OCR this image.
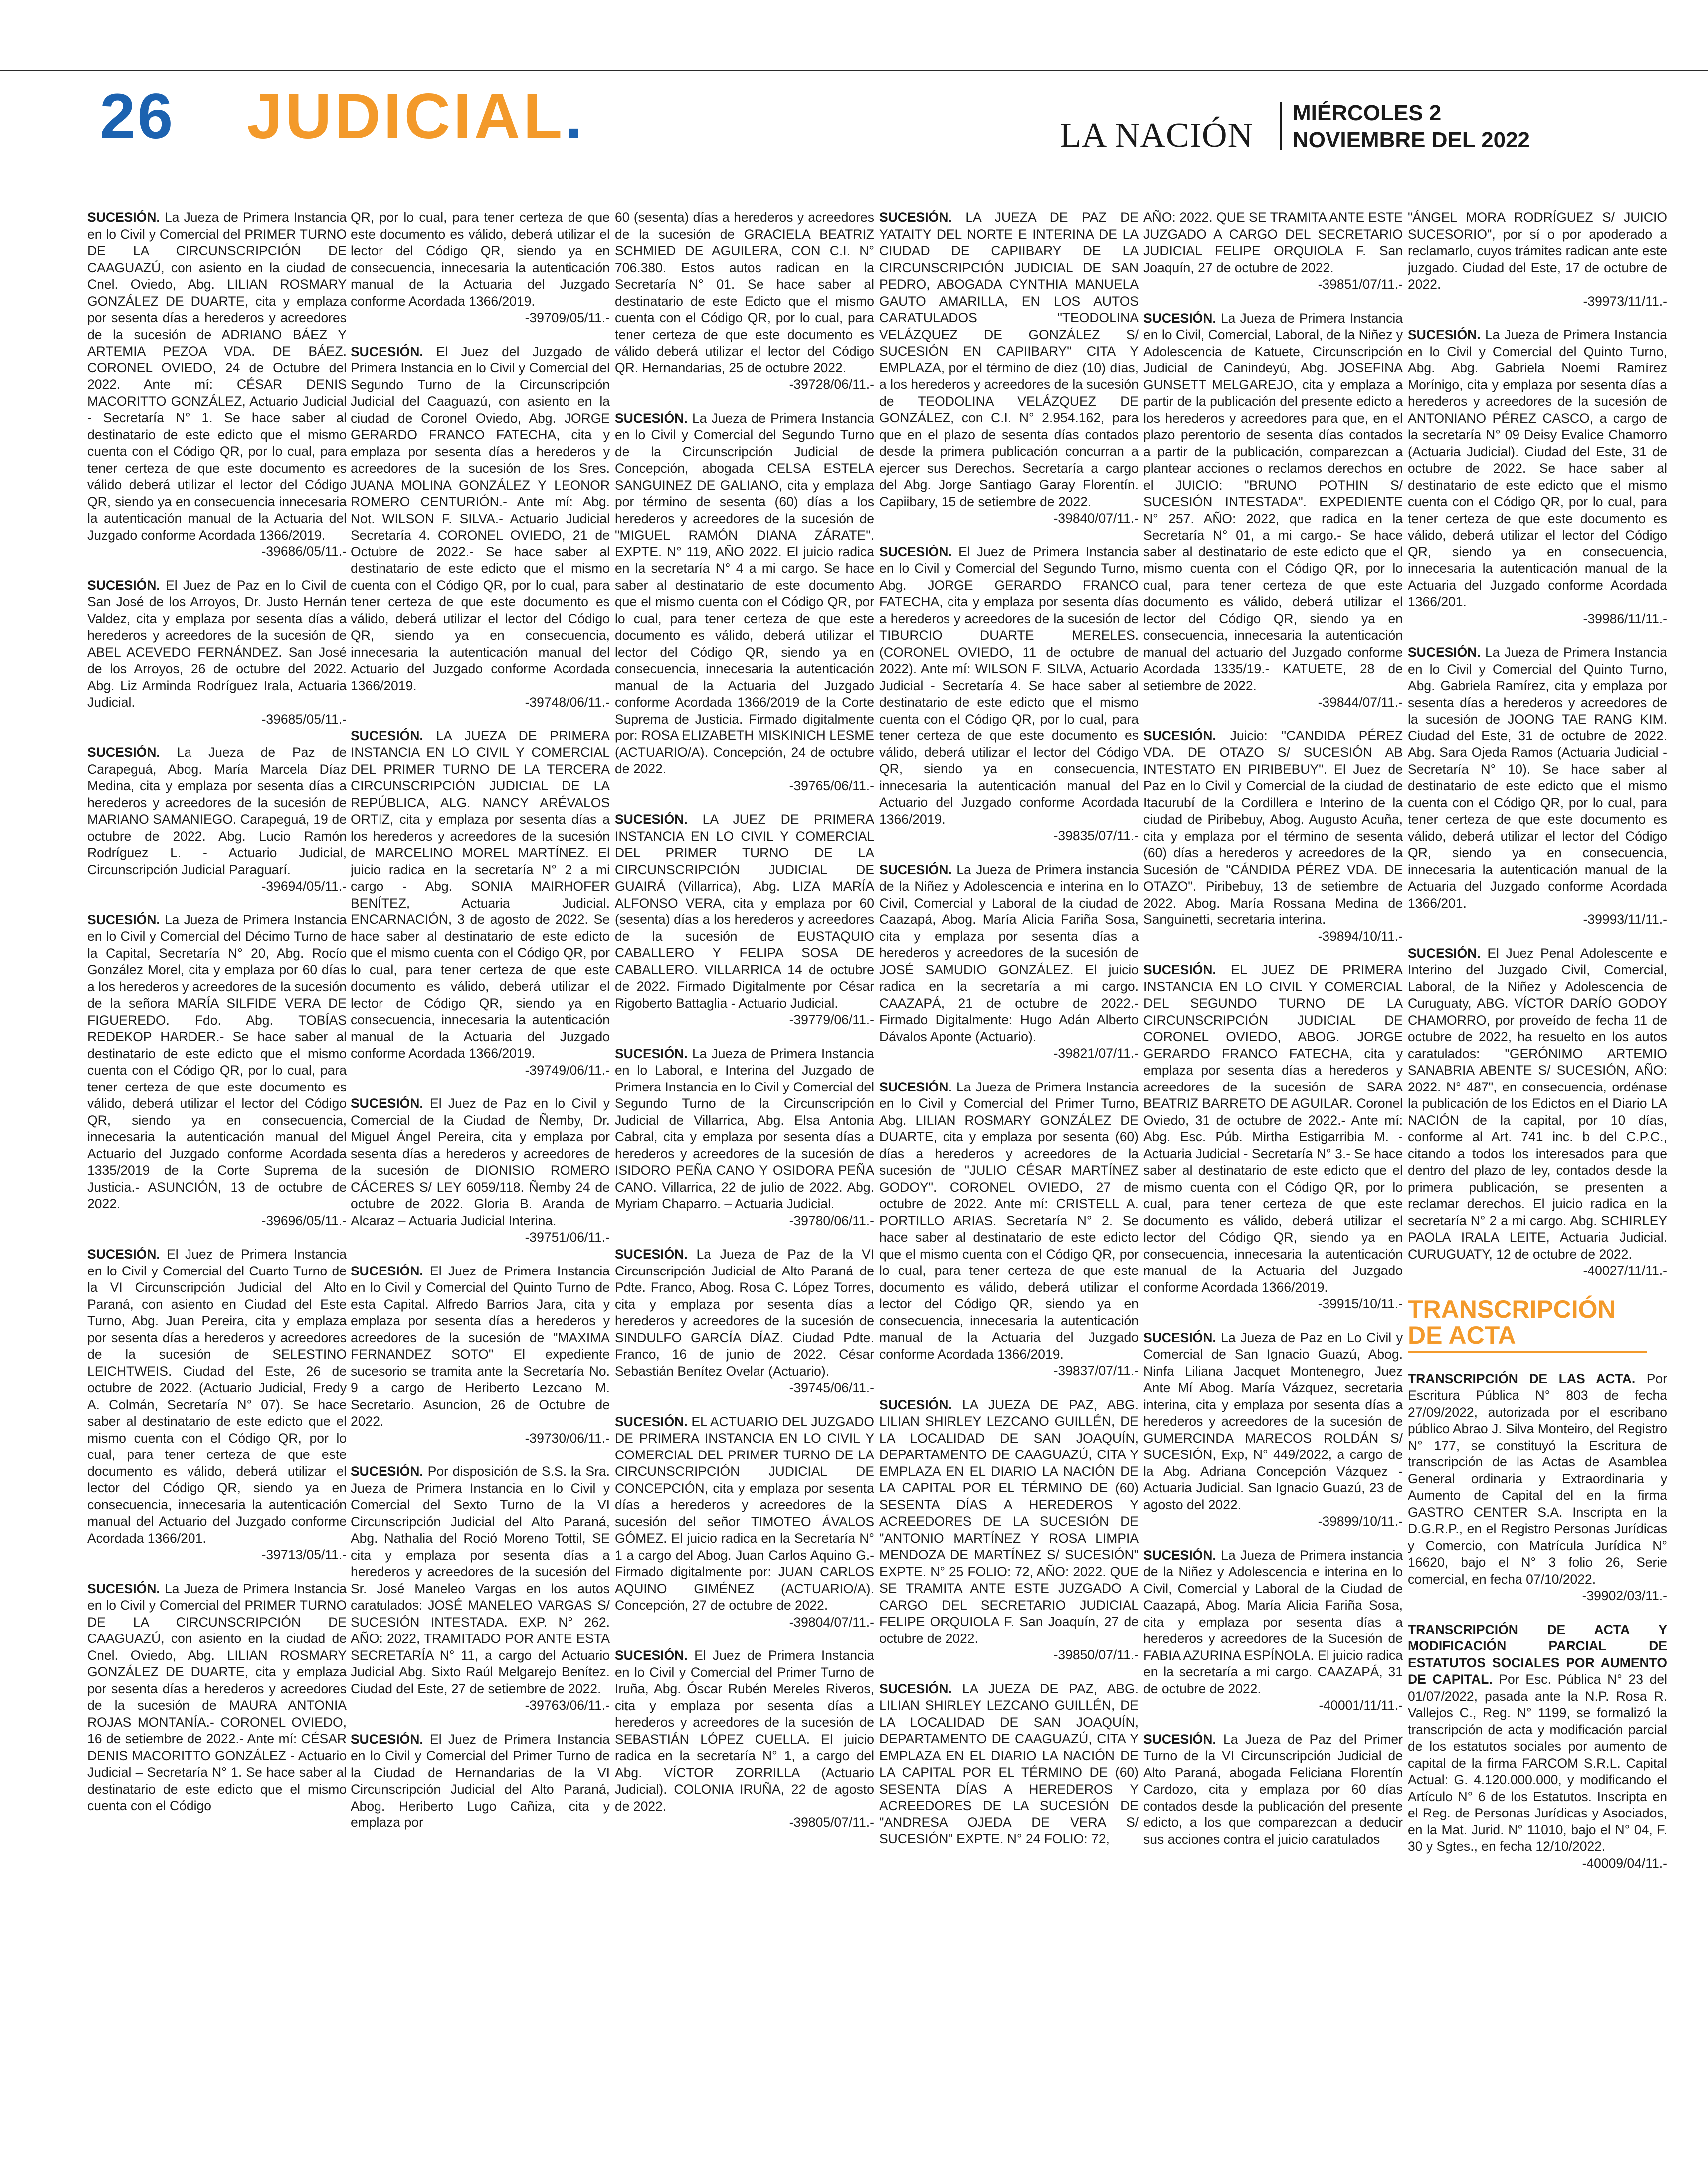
26 JUDICIAL.	LA NACIÓN
MIÉRCOLES 2
NOVIEMBRE DEL 2022

SUCESIÓN. La Jueza de Primera Instancia en lo Civil y Comercial del PRIMER TURNO DE LA CIRCUNSCRIPCIÓN DE CAAGUAZÚ, con asiento en la ciudad de Cnel. Oviedo, Abg. LILIAN ROSMARY GONZÁLEZ DE DUARTE, cita y emplaza por sesenta días a herederos y acreedores de la sucesión de ADRIANO BÁEZ Y ARTEMIA PEZOA VDA. DE BÁEZ. CORONEL OVIEDO, 24 de Octubre del 2022. Ante mí: CÉSAR DENIS MACORITTO GONZÁLEZ, Actuario Judicial - Secretaría N° 1. Se hace saber al destinatario de este edicto que el mismo cuenta con el Código QR, por lo cual, para tener certeza de que este documento es válido deberá utilizar el lector del Código QR, siendo ya en consecuencia innecesaria la autenticación manual de la Actuaria del Juzgado conforme Acordada 1366/2019.
-39686/05/11.-

SUCESIÓN. El Juez de Paz en lo Civil de San José de los Arroyos, Dr. Justo Hernán Valdez, cita y emplaza por sesenta días a herederos y acreedores de la sucesión de ABEL ACEVEDO FERNÁNDEZ. San José de los Arroyos, 26 de octubre del 2022. Abg. Liz Arminda Rodríguez Irala, Actuaria Judicial.
-39685/05/11.-

SUCESIÓN. La Jueza de Paz de Carapeguá, Abog. María Marcela Díaz Medina, cita y emplaza por sesenta días a herederos y acreedores de la sucesión de MARIANO SAMANIEGO. Carapeguá, 19 de octubre de 2022. Abg. Lucio Ramón Rodríguez L. - Actuario Judicial, Circunscripción Judicial Paraguarí.
-39694/05/11.-

SUCESIÓN. La Jueza de Primera Instancia en lo Civil y Comercial del Décimo Turno de la Capital, Secretaría N° 20, Abg. Rocío González Morel, cita y emplaza por 60 días a los herederos y acreedores de la sucesión de la señora MARÍA SILFIDE VERA DE FIGUEREDO. Fdo. Abg. TOBÍAS REDEKOP HARDER.- Se hace saber al destinatario de este edicto que el mismo cuenta con el Código QR, por lo cual, para tener certeza de que este documento es válido, deberá utilizar el lector del Código QR, siendo ya en consecuencia, innecesaria la autenticación manual del Actuario del Juzgado conforme Acordada 1335/2019 de la Corte Suprema de Justicia.- ASUNCIÓN, 13 de octubre de 2022.
-39696/05/11.-

SUCESIÓN. El Juez de Primera Instancia en lo Civil y Comercial del Cuarto Turno de la VI Circunscripción Judicial del Alto Paraná, con asiento en Ciudad del Este Turno, Abg. Juan Pereira, cita y emplaza por sesenta días a herederos y acreedores de la sucesión de SELESTINO LEICHTWEIS. Ciudad del Este, 26 de octubre de 2022. (Actuario Judicial, Fredy A. Colmán, Secretaría N° 07). Se hace saber al destinatario de este edicto que el mismo cuenta con el Código QR, por lo cual, para tener certeza de que este documento es válido, deberá utilizar el lector del Código QR, siendo ya en consecuencia, innecesaria la autenticación manual del Actuario del Juzgado conforme Acordada 1366/201.
-39713/05/11.-

SUCESIÓN. La Jueza de Primera Instancia en lo Civil y Comercial del PRIMER TURNO DE LA CIRCUNSCRIPCIÓN DE CAAGUAZÚ, con asiento en la ciudad de Cnel. Oviedo, Abg. LILIAN ROSMARY GONZÁLEZ DE DUARTE, cita y emplaza por sesenta días a herederos y acreedores de la sucesión de MAURA ANTONIA ROJAS MONTANÍA.- CORONEL OVIEDO, 16 de setiembre de 2022.- Ante mí: CÉSAR DENIS MACORITTO GONZÁLEZ - Actuario Judicial – Secretaría N° 1. Se hace saber al destinatario de este edicto que el mismo cuenta con el Código

QR, por lo cual, para tener certeza de que este documento es válido, deberá utilizar el lector del Código QR, siendo ya en consecuencia, innecesaria la autenticación manual de la Actuaria del Juzgado conforme Acordada 1366/2019.
-39709/05/11.-

SUCESIÓN. El Juez del Juzgado de Primera Instancia en lo Civil y Comercial del Segundo Turno de la Circunscripción Judicial del Caaguazú, con asiento en la ciudad de Coronel Oviedo, Abg. JORGE GERARDO FRANCO FATECHA, cita y emplaza por sesenta días a herederos y acreedores de la sucesión de los Sres. JUANA MOLINA GONZÁLEZ Y LEONOR ROMERO CENTURIÓN.- Ante mí: Abg. Not. WILSON F. SILVA.- Actuario Judicial Secretaría 4. CORONEL OVIEDO, 21 de Octubre de 2022.- Se hace saber al destinatario de este edicto que el mismo cuenta con el Código QR, por lo cual, para tener certeza de que este documento es válido, deberá utilizar el lector del Código QR, siendo ya en consecuencia, innecesaria la autenticación manual del Actuario del Juzgado conforme Acordada 1366/2019.
-39748/06/11.-

SUCESIÓN. LA JUEZA DE PRIMERA INSTANCIA EN LO CIVIL Y COMERCIAL DEL PRIMER TURNO DE LA TERCERA CIRCUNSCRIPCIÓN JUDICIAL DE LA REPÚBLICA, ALG. NANCY ARÉVALOS ORTIZ, cita y emplaza por sesenta días a los herederos y acreedores de la sucesión de MARCELINO MOREL MARTÍNEZ. El juicio radica en la secretaría N° 2 a mi cargo - Abg. SONIA MAIRHOFER BENÍTEZ, Actuaria Judicial. ENCARNACIÓN, 3 de agosto de 2022. Se hace saber al destinatario de este edicto que el mismo cuenta con el Código QR, por lo cual, para tener certeza de que este documento es válido, deberá utilizar el lector de Código QR, siendo ya en consecuencia, innecesaria la autenticación manual de la Actuaria del Juzgado conforme Acordada 1366/2019.
-39749/06/11.-

SUCESIÓN. El Juez de Paz en lo Civil y Comercial de la Ciudad de Ñemby, Dr. Miguel Ángel Pereira, cita y emplaza por sesenta días a herederos y acreedores de la sucesión de DIONISIO ROMERO CÁCERES S/ LEY 6059/118. Ñemby 24 de octubre de 2022. Gloria B. Aranda de Alcaraz – Actuaria Judicial Interina.
-39751/06/11.-

SUCESIÓN. El Juez de Primera Instancia en lo Civil y Comercial del Quinto Turno de esta Capital. Alfredo Barrios Jara, cita y emplaza por sesenta días a herederos y acreedores de la sucesión de "MAXIMA FERNANDEZ SOTO" El expediente sucesorio se tramita ante la Secretaría No. 9 a cargo de Heriberto Lezcano M. Secretario. Asuncion, 26 de Octubre de 2022.
-39730/06/11.-

SUCESIÓN. Por disposición de S.S. la Sra. Jueza de Primera Instancia en lo Civil y Comercial del Sexto Turno de la VI Circunscripción Judicial del Alto Paraná, Abg. Nathalia del Roció Moreno Tottil, SE cita y emplaza por sesenta días a herederos y acreedores de la sucesión del Sr. José Maneleo Vargas en los autos caratulados: JOSÉ MANELEO VARGAS S/ SUCESIÓN INTESTADA. EXP. N° 262. AÑO: 2022, TRAMITADO POR ANTE ESTA SECRETARÍA N° 11, a cargo del Actuario Judicial Abg. Sixto Raúl Melgarejo Benítez. Ciudad del Este, 27 de setiembre de 2022.
-39763/06/11.-

SUCESIÓN. El Juez de Primera Instancia en lo Civil y Comercial del Primer Turno de la Ciudad de Hernandarias de la VI Circunscripción Judicial del Alto Paraná, Abog. Heriberto Lugo Cañiza, cita y emplaza por

60 (sesenta) días a herederos y acreedores de la sucesión de GRACIELA BEATRIZ SCHMIED DE AGUILERA, CON C.I. N° 706.380. Estos autos radican en la Secretaría N° 01. Se hace saber al destinatario de este Edicto que el mismo cuenta con el Código QR, por lo cual, para tener certeza de que este documento es válido deberá utilizar el lector del Código QR. Hernandarias, 25 de octubre 2022.
-39728/06/11.-

SUCESIÓN. La Jueza de Primera Instancia en lo Civil y Comercial del Segundo Turno de la Circunscripción Judicial de Concepción, abogada CELSA ESTELA SANGUINEZ DE GALIANO, cita y emplaza por término de sesenta (60) días a los herederos y acreedores de la sucesión de "MIGUEL RAMÓN DIANA ZÁRATE". EXPTE. N° 119, AÑO 2022. El juicio radica en la secretaría N° 4 a mi cargo. Se hace saber al destinatario de este documento que el mismo cuenta con el Código QR, por lo cual, para tener certeza de que este documento es válido, deberá utilizar el lector del Código QR, siendo ya en consecuencia, innecesaria la autenticación manual de la Actuaria del Juzgado conforme Acordada 1366/2019 de la Corte Suprema de Justicia. Firmado digitalmente por: ROSA ELIZABETH MISKINICH LESME (ACTUARIO/A). Concepción, 24 de octubre de 2022.
-39765/06/11.-

SUCESIÓN. LA JUEZ DE PRIMERA INSTANCIA EN LO CIVIL Y COMERCIAL DEL PRIMER TURNO DE LA CIRCUNSCRIPCIÓN JUDICIAL DE GUAIRÁ (Villarrica), Abg. LIZA MARÍA ALFONSO VERA, cita y emplaza por 60 (sesenta) días a los herederos y acreedores de la sucesión de EUSTAQUIO CABALLERO Y FELIPA SOSA DE CABALLERO. VILLARRICA 14 de octubre de 2022. Firmado Digitalmente por César Rigoberto Battaglia - Actuario Judicial.
-39779/06/11.-

SUCESIÓN. La Jueza de Primera Instancia en lo Laboral, e Interina del Juzgado de Primera Instancia en lo Civil y Comercial del Segundo Turno de la Circunscripción Judicial de Villarrica, Abg. Elsa Antonia Cabral, cita y emplaza por sesenta días a herederos y acreedores de la sucesión de ISIDORO PEÑA CANO Y OSIDORA PEÑA CANO. Villarrica, 22 de julio de 2022. Abg. Myriam Chaparro. – Actuaria Judicial.
-39780/06/11.-

SUCESIÓN. La Jueza de Paz de la VI Circunscripción Judicial de Alto Paraná de Pdte. Franco, Abog. Rosa C. López Torres, cita y emplaza por sesenta días a herederos y acreedores de la sucesión de SINDULFO GARCÍA DÍAZ. Ciudad Pdte. Franco, 16 de junio de 2022. César Sebastián Benítez Ovelar (Actuario).
-39745/06/11.-

SUCESIÓN. EL ACTUARIO DEL JUZGADO DE PRIMERA INSTANCIA EN LO CIVIL Y COMERCIAL DEL PRIMER TURNO DE LA CIRCUNSCRIPCIÓN JUDICIAL DE CONCEPCIÓN, cita y emplaza por sesenta días a herederos y acreedores de la sucesión del señor TIMOTEO ÁVALOS GÓMEZ. El juicio radica en la Secretaría N° 1 a cargo del Abog. Juan Carlos Aquino G.- Firmado digitalmente por: JUAN CARLOS AQUINO GIMÉNEZ (ACTUARIO/A). Concepción, 27 de octubre de 2022.
-39804/07/11.-

SUCESIÓN. El Juez de Primera Instancia en lo Civil y Comercial del Primer Turno de Iruña, Abg. Óscar Rubén Mereles Riveros, cita y emplaza por sesenta días a herederos y acreedores de la sucesión de SEBASTIÁN LÓPEZ CUELLA. El juicio radica en la secretaría N° 1, a cargo del Abg. VÍCTOR ZORRILLA (Actuario Judicial). COLONIA IRUÑA, 22 de agosto de 2022.
-39805/07/11.-

SUCESIÓN. LA JUEZA DE PAZ DE YATAITY DEL NORTE E INTERINA DE LA CIUDAD DE CAPIIBARY DE LA CIRCUNSCRIPCIÓN JUDICIAL DE SAN PEDRO, ABOGADA CYNTHIA MANUELA GAUTO AMARILLA, EN LOS AUTOS CARATULADOS "TEODOLINA VELÁZQUEZ DE GONZÁLEZ S/ SUCESIÓN EN CAPIIBARY" CITA Y EMPLAZA, por el término de diez (10) días, a los herederos y acreedores de la sucesión de TEODOLINA VELÁZQUEZ DE GONZÁLEZ, con C.I. N° 2.954.162, para que en el plazo de sesenta días contados desde la primera publicación concurran a ejercer sus Derechos. Secretaría a cargo del Abg. Jorge Santiago Garay Florentín. Capiibary, 15 de setiembre de 2022.
-39840/07/11.-

SUCESIÓN. El Juez de Primera Instancia en lo Civil y Comercial del Segundo Turno, Abg. JORGE GERARDO FRANCO FATECHA, cita y emplaza por sesenta días a herederos y acreedores de la sucesión de TIBURCIO DUARTE MERELES. (CORONEL OVIEDO, 11 de octubre de 2022). Ante mí: WILSON F. SILVA, Actuario Judicial - Secretaría 4. Se hace saber al destinatario de este edicto que el mismo cuenta con el Código QR, por lo cual, para tener certeza de que este documento es válido, deberá utilizar el lector del Código QR, siendo ya en consecuencia, innecesaria la autenticación manual del Actuario del Juzgado conforme Acordada 1366/2019.
-39835/07/11.-

SUCESIÓN. La Jueza de Primera instancia de la Niñez y Adolescencia e interina en lo Civil, Comercial y Laboral de la ciudad de Caazapá, Abog. María Alicia Fariña Sosa, cita y emplaza por sesenta días a herederos y acreedores de la sucesión de JOSÉ SAMUDIO GONZÁLEZ. El juicio radica en la secretaría a mi cargo. CAAZAPÁ, 21 de octubre de 2022.- Firmado Digitalmente: Hugo Adán Alberto Dávalos Aponte (Actuario).
-39821/07/11.-

SUCESIÓN. La Jueza de Primera Instancia en lo Civil y Comercial del Primer Turno, Abg. LILIAN ROSMARY GONZÁLEZ DE DUARTE, cita y emplaza por sesenta (60) días a herederos y acreedores de la sucesión de "JULIO CÉSAR MARTÍNEZ GODOY". CORONEL OVIEDO, 27 de octubre de 2022. Ante mí: CRISTELL A. PORTILLO ARIAS. Secretaría N° 2. Se hace saber al destinatario de este edicto que el mismo cuenta con el Código QR, por lo cual, para tener certeza de que este documento es válido, deberá utilizar el lector del Código QR, siendo ya en consecuencia, innecesaria la autenticación manual de la Actuaria del Juzgado conforme Acordada 1366/2019.
-39837/07/11.-

SUCESIÓN. LA JUEZA DE PAZ, ABG. LILIAN SHIRLEY LEZCANO GUILLÉN, DE LA LOCALIDAD DE SAN JOAQUÍN, DEPARTAMENTO DE CAAGUAZÚ, CITA Y EMPLAZA EN EL DIARIO LA NACIÓN DE LA CAPITAL POR EL TÉRMINO DE (60) SESENTA DÍAS A HEREDEROS Y ACREEDORES DE LA SUCESIÓN DE "ANTONIO MARTÍNEZ Y ROSA LIMPIA MENDOZA DE MARTÍNEZ S/ SUCESIÓN" EXPTE. N° 25 FOLIO: 72, AÑO: 2022. QUE SE TRAMITA ANTE ESTE JUZGADO A CARGO DEL SECRETARIO JUDICIAL FELIPE ORQUIOLA F. San Joaquín, 27 de octubre de 2022.
-39850/07/11.-

SUCESIÓN. LA JUEZA DE PAZ, ABG. LILIAN SHIRLEY LEZCANO GUILLÉN, DE LA LOCALIDAD DE SAN JOAQUÍN, DEPARTAMENTO DE CAAGUAZÚ, CITA Y EMPLAZA EN EL DIARIO LA NACIÓN DE LA CAPITAL POR EL TÉRMINO DE (60) SESENTA DÍAS A HEREDEROS Y ACREEDORES DE LA SUCESIÓN DE "ANDRESA OJEDA DE VERA S/ SUCESIÓN" EXPTE. N° 24 FOLIO: 72,

AÑO: 2022. QUE SE TRAMITA ANTE ESTE JUZGADO A CARGO DEL SECRETARIO JUDICIAL FELIPE ORQUIOLA F. San Joaquín, 27 de octubre de 2022.
-39851/07/11.-

SUCESIÓN. La Jueza de Primera Instancia en lo Civil, Comercial, Laboral, de la Niñez y Adolescencia de Katuete, Circunscripción Judicial de Canindeyú, Abg. JOSEFINA GUNSETT MELGAREJO, cita y emplaza a partir de la publicación del presente edicto a los herederos y acreedores para que, en el plazo perentorio de sesenta días contados a partir de la publicación, comparezcan a plantear acciones o reclamos derechos en el JUICIO: "BRUNO POTHIN S/ SUCESIÓN INTESTADA". EXPEDIENTE N° 257. AÑO: 2022, que radica en la Secretaría N° 01, a mi cargo.- Se hace saber al destinatario de este edicto que el mismo cuenta con el Código QR, por lo cual, para tener certeza de que este documento es válido, deberá utilizar el lector del Código QR, siendo ya en consecuencia, innecesaria la autenticación manual del actuario del Juzgado conforme Acordada 1335/19.- KATUETE, 28 de setiembre de 2022.
-39844/07/11.-

SUCESIÓN. Juicio: "CANDIDA PÉREZ VDA. DE OTAZO S/ SUCESIÓN AB INTESTATO EN PIRIBEBUY". El Juez de Paz en lo Civil y Comercial de la ciudad de Itacurubí de la Cordillera e Interino de la ciudad de Piribebuy, Abog. Augusto Acuña, cita y emplaza por el término de sesenta (60) días a herederos y acreedores de la Sucesión de "CÁNDIDA PÉREZ VDA. DE OTAZO". Piribebuy, 13 de setiembre de 2022. Abog. María Rossana Medina de Sanguinetti, secretaria interina.
-39894/10/11.-

SUCESIÓN. EL JUEZ DE PRIMERA INSTANCIA EN LO CIVIL Y COMERCIAL DEL SEGUNDO TURNO DE LA CIRCUNSCRIPCIÓN JUDICIAL DE CORONEL OVIEDO, ABOG. JORGE GERARDO FRANCO FATECHA, cita y emplaza por sesenta días a herederos y acreedores de la sucesión de SARA BEATRIZ BARRETO DE AGUILAR. Coronel Oviedo, 31 de octubre de 2022.- Ante mí: Abg. Esc. Púb. Mirtha Estigarribia M. - Actuaria Judicial - Secretaría N° 3.- Se hace saber al destinatario de este edicto que el mismo cuenta con el Código QR, por lo cual, para tener certeza de que este documento es válido, deberá utilizar el lector del Código QR, siendo ya en consecuencia, innecesaria la autenticación manual de la Actuaria del Juzgado conforme Acordada 1366/2019.
-39915/10/11.-

SUCESIÓN. La Jueza de Paz en Lo Civil y Comercial de San Ignacio Guazú, Abog. Ninfa Liliana Jacquet Montenegro, Juez Ante Mí Abog. María Vázquez, secretaria interina, cita y emplaza por sesenta días a herederos y acreedores de la sucesión de GUMERCINDA MARECOS ROLDÁN S/ SUCESIÓN, Exp, N° 449/2022, a cargo de la Abg. Adriana Concepción Vázquez - Actuaria Judicial. San Ignacio Guazú, 23 de agosto del 2022.
-39899/10/11.-

SUCESIÓN. La Jueza de Primera instancia de la Niñez y Adolescencia e interina en lo Civil, Comercial y Laboral de la Ciudad de Caazapá, Abog. María Alicia Fariña Sosa, cita y emplaza por sesenta días a herederos y acreedores de la Sucesión de FABIA AZURINA ESPÍNOLA. El juicio radica en la secretaría a mi cargo. CAAZAPÁ, 31 de octubre de 2022.
-40001/11/11.-

SUCESIÓN. La Jueza de Paz del Primer Turno de la VI Circunscripción Judicial de Alto Paraná, abogada Feliciana Florentín Cardozo, cita y emplaza por 60 días contados desde la publicación del presente edicto, a los que comparezcan a deducir sus acciones contra el juicio caratulados

"ÁNGEL MORA RODRÍGUEZ S/ JUICIO SUCESORIO", por sí o por apoderado a reclamarlo, cuyos trámites radican ante este juzgado. Ciudad del Este, 17 de octubre de 2022.
-39973/11/11.-

SUCESIÓN. La Jueza de Primera Instancia en lo Civil y Comercial del Quinto Turno, Abg. Abg. Gabriela Noemí Ramírez Morínigo, cita y emplaza por sesenta días a herederos y acreedores de la sucesión de ANTONIANO PÉREZ CASCO, a cargo de la secretaría N° 09 Deisy Evalice Chamorro (Actuaria Judicial). Ciudad del Este, 31 de octubre de 2022. Se hace saber al destinatario de este edicto que el mismo cuenta con el Código QR, por lo cual, para tener certeza de que este documento es válido, deberá utilizar el lector del Código QR, siendo ya en consecuencia, innecesaria la autenticación manual de la Actuaria del Juzgado conforme Acordada 1366/201.
-39986/11/11.-

SUCESIÓN. La Jueza de Primera Instancia en lo Civil y Comercial del Quinto Turno, Abg. Gabriela Ramírez, cita y emplaza por sesenta días a herederos y acreedores de la sucesión de JOONG TAE RANG KIM. Ciudad del Este, 31 de octubre de 2022. Abg. Sara Ojeda Ramos (Actuaria Judicial - Secretaría N° 10). Se hace saber al destinatario de este edicto que el mismo cuenta con el Código QR, por lo cual, para tener certeza de que este documento es válido, deberá utilizar el lector del Código QR, siendo ya en consecuencia, innecesaria la autenticación manual de la Actuaria del Juzgado conforme Acordada 1366/201.
-39993/11/11.-

SUCESIÓN. El Juez Penal Adolescente e Interino del Juzgado Civil, Comercial, Laboral, de la Niñez y Adolescencia de Curuguaty, ABG. VÍCTOR DARÍO GODOY CHAMORRO, por proveído de fecha 11 de octubre de 2022, ha resuelto en los autos caratulados: "GERÓNIMO ARTEMIO SANABRIA ABENTE S/ SUCESIÓN, AÑO: 2022. N° 487", en consecuencia, ordénase la publicación de los Edictos en el Diario LA NACIÓN de la capital, por 10 días, conforme al Art. 741 inc. b del C.P.C., citando a todos los interesados para que dentro del plazo de ley, contados desde la primera publicación, se presenten a reclamar derechos. El juicio radica en la secretaría N° 2 a mi cargo. Abg. SCHIRLEY PAOLA IRALA LEITE, Actuaria Judicial. CURUGUATY, 12 de octubre de 2022.
-40027/11/11.-

TRANSCRIPCIÓN
DE ACTA

TRANSCRIPCIÓN DE LAS ACTA. Por Escritura Pública N° 803 de fecha 27/09/2022, autorizada por el escribano público Abrao J. Silva Monteiro, del Registro N° 177, se constituyó la Escritura de transcripción de las Actas de Asamblea General ordinaria y Extraordinaria y Aumento de Capital del en la firma GASTRO CENTER S.A. Inscripta en la D.G.R.P., en el Registro Personas Jurídicas y Comercio, con Matrícula Jurídica N° 16620, bajo el N° 3 folio 26, Serie comercial, en fecha 07/10/2022.
-39902/03/11.-

TRANSCRIPCIÓN DE ACTA Y MODIFICACIÓN PARCIAL DE ESTATUTOS SOCIALES POR AUMENTO DE CAPITAL. Por Esc. Pública N° 23 del 01/07/2022, pasada ante la N.P. Rosa R. Vallejos C., Reg. N° 1199, se formalizó la transcripción de acta y modificación parcial de los estatutos sociales por aumento de capital de la firma FARCOM S.R.L. Capital Actual: G. 4.120.000.000, y modificando el Artículo N° 6 de los Estatutos. Inscripta en el Reg. de Personas Jurídicas y Asociados, en la Mat. Jurid. N° 11010, bajo el N° 04, F. 30 y Sgtes., en fecha 12/10/2022.
-40009/04/11.-
